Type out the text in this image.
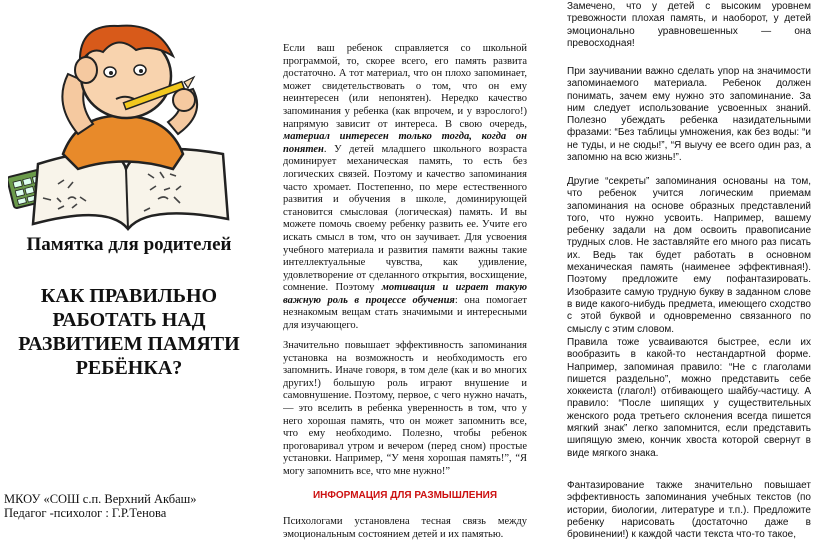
Памятка для родителей
КАК ПРАВИЛЬНО РАБОТАТЬ НАД РАЗВИТИЕМ ПАМЯТИ РЕБЁНКА?
МКОУ «СОШ с.п. Верхний Акбаш»
Педагог -психолог : Г.Р.Тенова

Если ваш ребенок справляется со школьной программой, то, скорее всего, его память развита достаточно. А тот материал, что он плохо запоминает, может свидетельствовать о том, что он ему неинтересен (или непонятен). Нередко качество запоминания у ребенка (как впрочем, и у взрослого!) напрямую зависит от интереса. В свою очередь, материал интересен только тогда, когда он понятен. У детей младшего школьного возраста доминирует механическая память, то есть без логических связей. Поэтому и качество запоминания часто хромает. Постепенно, по мере естественного развития и обучения в школе, доминирующей становится смысловая (логическая) память. И вы можете помочь своему ребенку развить ее. Учите его искать смысл в том, что он заучивает. Для усвоения учебного материала и развития памяти важны такие интеллектуальные чувства, как удивление, удовлетворение от сделанного открытия, восхищение, сомнение. Поэтому мотивация и играет такую важную роль в процессе обучения: она помогает незнакомым вещам стать значимыми и интересными для изучающего.

Значительно повышает эффективность запоминания установка на возможность и необходимость его запомнить. Иначе говоря, в том деле (как и во многих других!) большую роль играют внушение и самовнушение. Поэтому, первое, с чего нужно начать, — это вселить в ребенка уверенность в том, что у него хорошая память, что он может запомнить все, что ему необходимо. Полезно, чтобы ребенок проговаривал утром и вечером (перед сном) простые установки. Например, “У меня хорошая память!”, “Я могу запомнить все, что мне нужно!”

ИНФОРМАЦИЯ ДЛЯ РАЗМЫШЛЕНИЯ

Психологами установлена тесная связь между эмоциональным состоянием детей и их памятью.

Замечено, что у детей с высоким уровнем тревожности плохая память, и наоборот, у детей эмоционально уравновешенных — она превосходная!

При заучивании важно сделать упор на значимости запоминаемого материала. Ребенок должен понимать, зачем ему нужно это запоминание. За ним следует использование усвоенных знаний. Полезно убеждать ребенка назидательными фразами: “Без таблицы умножения, как без воды: “и не туды, и не сюды!”, “Я выучу ее всего один раз, а запомню на всю жизнь!”.

Другие “секреты” запоминания основаны на том, что ребенок учится логическим приемам запоминания на основе образных представлений того, что нужно усвоить. Например, вашему ребенку задали на дом освоить правописание трудных слов. Не заставляйте его много раз писать их. Ведь так будет работать в основном механическая память (наименее эффективная!). Поэтому предложите ему пофантазировать. Изобразите самую трудную букву в заданном слове в виде какого-нибудь предмета, имеющего сходство с этой буквой и одновременно связанного по смыслу с этим словом.

Правила тоже усваиваются быстрее, если их вообразить в какой-то нестандартной форме. Например, запоминая правило: “Не с глаголами пишется раздельно”, можно представить себе хоккеиста (глагол!) отбивающего шайбу-частицу. А правило: “После шипящих у существительных женского рода третьего склонения всегда пишется мягкий знак” легко запомнится, если представить шипящую змею, кончик хвоста которой свернут в виде мягкого знака.

Фантазирование также значительно повышает эффективность запоминания учебных текстов (по истории, биологии, литературе и т.п.). Предложите ребенку нарисовать (достаточно даже в бровинении!) к каждой части текста что-то такое,
